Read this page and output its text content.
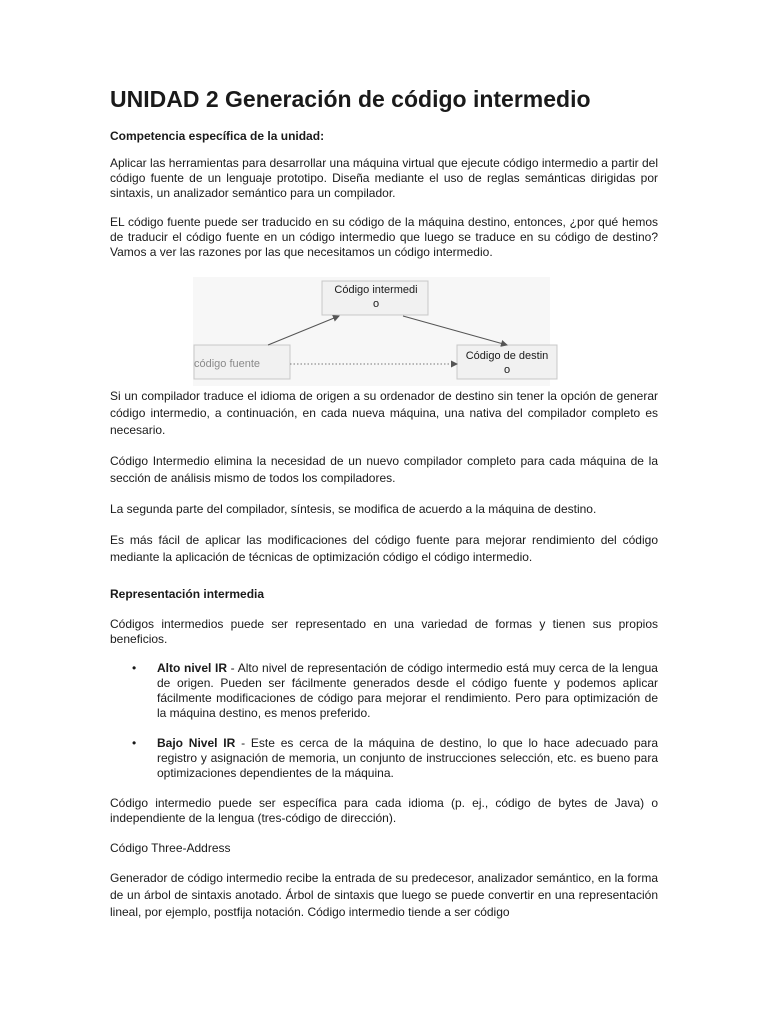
UNIDAD 2 Generación de código intermedio
Competencia específica de la unidad:

Aplicar las herramientas para desarrollar una máquina virtual que ejecute código intermedio a partir del código fuente de un lenguaje prototipo. Diseña mediante el uso de reglas semánticas dirigidas por sintaxis, un analizador semántico para un compilador.

EL código fuente puede ser traducido en su código de la máquina destino, entonces, ¿por qué hemos de traducir el código fuente en un código intermedio que luego se traduce en su código de destino? Vamos a ver las razones por las que necesitamos un código intermedio.

Código intermedi
o
código fuente
Código de destin
o

Si un compilador traduce el idioma de origen a su ordenador de destino sin tener la opción de generar código intermedio, a continuación, en cada nueva máquina, una nativa del compilador completo es necesario.

Código Intermedio elimina la necesidad de un nuevo compilador completo para cada máquina de la sección de análisis mismo de todos los compiladores.

La segunda parte del compilador, síntesis, se modifica de acuerdo a la máquina de destino.

Es más fácil de aplicar las modificaciones del código fuente para mejorar rendimiento del código mediante la aplicación de técnicas de optimización código el código intermedio.

Representación intermedia

Códigos intermedios puede ser representado en una variedad de formas y tienen sus propios beneficios.

• Alto nivel IR - Alto nivel de representación de código intermedio está muy cerca de la lengua de origen. Pueden ser fácilmente generados desde el código fuente y podemos aplicar fácilmente modificaciones de código para mejorar el rendimiento. Pero para optimización de la máquina destino, es menos preferido.
• Bajo Nivel IR - Este es cerca de la máquina de destino, lo que lo hace adecuado para registro y asignación de memoria, un conjunto de instrucciones selección, etc. es bueno para optimizaciones dependientes de la máquina.

Código intermedio puede ser específica para cada idioma (p. ej., código de bytes de Java) o independiente de la lengua (tres-código de dirección).

Código Three-Address

Generador de código intermedio recibe la entrada de su predecesor, analizador semántico, en la forma de un árbol de sintaxis anotado. Árbol de sintaxis que luego se puede convertir en una representación lineal, por ejemplo, postfija notación. Código intermedio tiende a ser código
